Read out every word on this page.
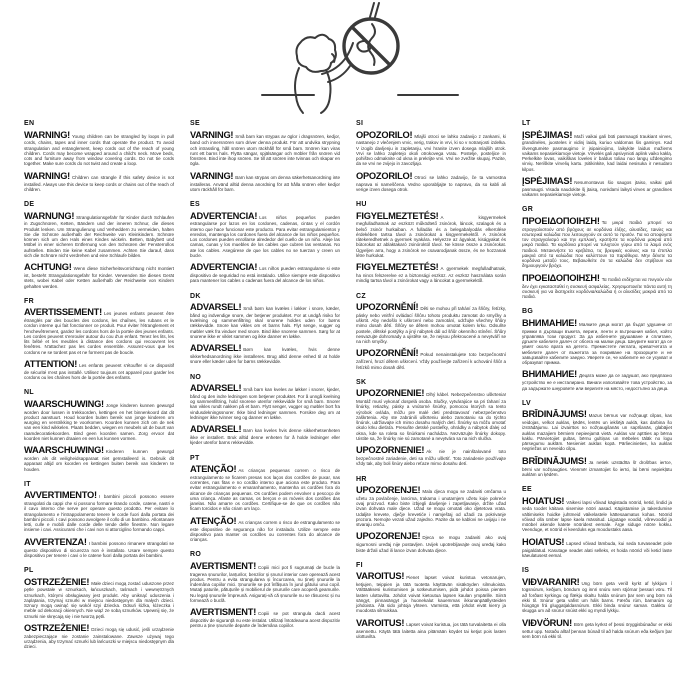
EN

WARNING! Young children can be strangled by loops in pull cords, chains, tapes and inner cords that operate the product. To avoid strangulation and entanglement, keep cords out of the reach of young children. Cords may become wrapped around a child's neck. Move beds, cots and furniture away from window covering cords. Do not tie cords together. Make sure cords do not twist and create a loop.

WARNING! Children can strangle if this safety device is not installed. Always use this device to keep cords or chains out of the reach of children.

DE

WARNUNG! Strangulationsgefahr für Kinder durch Schlaufen in Zugschnüren, Ketten, Bändern und der inneren Schnur, die dieses Produkt lenken. Um Strangulierung und Verheddern zu vermeiden, halten Sie die Schnüre außerhalb der Reichweite von Kleinkindern. Schnüre können sich um den Hals eines Kindes wickeln. Betten, Babybett und Möbel in einer sicheren Entfernung von den Schnüren der Fensterrollos aufstellen. Binden Sie keine Kabel zusammen. Achten Sie darauf, dass sich die Schnüre nicht verdrehen und eine Schlaufe bilden.

ACHTUNG! Wenn diese Sicherheitsvorrichtung nicht montiert ist, besteht Strangulationsgefahr für Kinder. Verwenden Sie dieses Gerät stets, wobei Kabel oder Ketten außerhalb der Reichweite von Kindern gehalten werden.

FR

AVERTISSEMENT! Les jeunes enfants peuvent être étranglés par des boucles des cordons, les chaînes, les rubans et le cordon interne qui fait fonctionner ce produit. Pour éviter l'étranglement et l'enchevêtrement, gardez les cordons hors de la portée des jeunes enfants. Les cordes peuvent s'enrouler autour du cou d'un enfant. Tenez les lits, les lits bébé et les meubles à distance des cordons qui recouvrent les fenêtres. N'attachez pas les cordes ensemble. Assurez-vous que les cordons ne se tordent pas et ne forment pas de boucle.

ATTENTION! Les enfants peuvent s'étouffer si ce dispositif de sécurité n'est pas installé. Utilisez toujours cet appareil pour garder les cordons ou les chaînes hors de la portée des enfants.

NL

WAARSCHUWING! Jonge kinderen kunnen gewurgd worden door lussen in trekkoorden, kettingen en het binnenkoord dat dit product aanstuurt. Houd koorden buiten bereik van jonge kinderen om wurging en verstrikking te voorkomen. Koorden kunnen zich om de nek van een kind wikkelen. Plaats bedden, wiegen en meubels uit de buurt van raamdecoratiekoorden. Bind geen koorden samen. Zorg ervoor dat koorden niet kunnen draaien en een lus kunnen vormen.

WAARSCHUWING! Kinderen kunnen gewurgd worden als dit veiligheidsapparaat niet geïnstalleerd is. Gebruik dit apparaat altijd om koorden en kettingen buiten bereik van kinderen te houden.

IT

AVVERTIMENTO! I bambini piccoli possono essere strangolati da cappi che si possono formare tirando corde, catene, nastri e il cavo interno che serve per operare questo prodotto. Per evitare lo strangolamento e l'intrappolamento tenere le corde fuori dalla portata dei bambini piccoli. I cavi possono avvolgere il collo di un bambino. Allontanare letti, culle e mobili dalle corde delle tende delle finestre. Non legare insieme i cavi. Assicurarsi che i cavi non si attorciglino formando cappi.

AVVERTENZA! I bambini possono rimanere strangolati se questo dispositivo di sicurezza non è installato. Usare sempre questo dispositivo per tenere i cavi o le catene fuori dalla portata dei bambini.

PL

OSTRZEŻENIE! Małe dzieci mogą zostać uduszone przez pętle powstałe w sznurkach, łańcuszkach, taśmach i wewnętrznych sznurkach, którymi obsługiwany jest produkt. Aby uniknąć uduszenia i zaplątania, trzymaj sznurki w miejscu niedostępnym dla małych dzieci. Sznury mogą owinąć się wokół szyi dziecka. Odsuń łóżka, łóżeczka i meble od dekoracji okiennych. Nie wiąż ze sobą sznurków. Upewnij się, że sznurki nie skręcają się i nie tworzą pętli.

OSTRZEŻENIE! Dzieci mogą się udusić, jeśli urządzenie zabezpieczające nie zostanie zainstalowane. Zawsze używaj tego urządzenia, aby trzymać sznurki lub łańcuszki w miejscu niedostępnym dla dzieci.

SE

VARNING! Små barn kan strypas av öglor i dragsnören, kedjor, band och innersnören som driver denna produkt. För att undvika strypning och intrassling, håll snören utom räckhåll för små barn. Snören kan viras runt ett barns hals. Flytta sängar, spjälsängar och möbler från snören vid fönstren. Bind inte ihop snören. Se till att snören inte tvinnas och skapar en ögla.

VARNING! Barn kan strypas om denna säkerhetsanordning inte installeras. Använd alltid denna anordning för att hålla snören eller kedjor utom räckhåll för barn.

ES

ADVERTENCIA! Los niños pequeños pueden estrangularse por lazos en los cordones, cadenas, cintas y el cordón interno que hace funcionar este producto. Para evitar estrangulamientos y enredos, mantenga los cordones fuera del alcance de los niños pequeños. Los cordones pueden enrollarse alrededor del cuello de un niño. Aleje las camas, cunas y los muebles de los cables que cubren las ventanas. No ate los cables. Asegúrese de que los cables no se tuerzan y creen un bucle.

ADVERTENCIA! Los niños pueden estrangularse si este dispositivo de seguridad no está instalado. Utilice siempre este dispositivo para mantener los cables o cadenas fuera del alcance de los niños.

DK

ADVARSEL! Små børn kan kvæles i løkker i snore, kæder, bånd og indvendige snore, der betjener produktet. For at undgå risiko for kvælning og sammenfiltring skal snorene holdes uden for børns rækkevidde. Snore kan vikles om et barns hals. Flyt senge, vugger og møbler væk fra vinduer med snore. Bind ikke snorene sammen. Sørg for at snorene ikke er viklet sammen og ikke danner en løkke.

ADVARSEL! Børn kan kvæles, hvis denne sikkerhedsanordning ikke installeres. Brug altid denne enhed til at holde snore eller kæder uden for børns rækkevidde.

NO

ADVARSEL! Små barn kan kveles av løkker i snorer, kjeder, bånd og den indre ledningen som betjener produktet. For å unngå kvelning og sammenfiltring, hold snorene utenfor rekkevidde for små barn. Snorer kan vikles rundt nakken på et barn. Flytt senger, vugger og møbler bort fra vindusdekningssnorer. Ikke bind ledninger sammen. Forsikre deg om at ledninger ikke tvinner seg og danner en løkke.

ADVARSEL! Barn kan kveles hvis denne sikkerhetsenheten ikke er installert. Bruk alltid denne enheten for å holde ledninger eller kjeder utenfor barns rekkevidde.

PT

ATENÇÃO! As crianças pequenas correm o risco de estrangulamento se ficarem presas nos laços dos cordões de puxar, nas correntes, nas fitas e no cordão interno que aciona este produto. Para evitar estrangulamento e emaranhamento, mantenha os cordões fora do alcance de crianças pequenas. Os cordões podem envolver o pescoço de uma criança. Afaste as camas, os berços e os móveis dos cordões das janelas. Não amarre os cordões. Certifique-se de que os cordões não ficam torcidos e não criam um laço.

ATENÇÃO! As crianças correm o risco de estrangulamento se este dispositivo de segurança não for instalado. Utilize sempre este dispositivo para manter os cordões ou correntes fora do alcance de crianças.

RO

AVERTISMENT! Copiii mici pot fi sugrumați de bucle la tragerea șnururilor, lanțurilor, benzilor și șnurul interior care operează acest produs. Pentru a evita strangularea și încurcarea, nu țineți șnururile la îndemâna copiilor mici. Șnururile se pot înfășura în jurul gâtului unui copil. Mutați paturile, pătuțurile și mobilierul de șnururile care acoperă geamurile. Nu legați șnururile împreună. Asigurați-vă că șnururile nu se răsucesc și nu formează o buclă.

AVERTISMENT! Copiii se pot strangula dacă acest dispozitiv de siguranță nu este instalat. Utilizați întotdeauna acest dispozitiv pentru a ține șnururile departe de îndemâna copiilor.

SI

OPOZORILO! Mlajši otroci se lahko zadavijo z zankami, ki nastanejo z vlečenjem vrvic, verig, trakov in vrvi, ki so v notranjosti izdelka. V izogib davljenju in zapletanju, vrvi hranite izven dosega mlajših otrok. Vrvi se lahko zapletejo okoli otrokovega vratu. Postelje, posteljice in pohištvo odmaknite od okna in prekrijte vrvi. Vrvi ne zvežite skupaj. Pazite, da se vrvi ne zvijejo in zavozljajo.

OPOZORILO! Otroci se lahko zadavijo, če ta varnostna naprava ni nameščena. Vedno uporabljajte to napravo, da so kabli ali verige izven dosega otrok.

HU

FIGYELMEZTETÉS! A kisgyermekek megfulladhatnak az eszközt működtető zsinórok, láncok, szalagok és a belső zsinór hurkaiban. A fulladás és a belegabalyodás elkerülése érdekében tartsa távol a zsinórokat a kisgyermekektől. A zsinórok rátekeredhetnek a gyermek nyakára. Helyezze az ágyakat, kiságyakat és bútorokat az ablaktakaró zsinóroktól távol. Ne kösse össze a zsinórokat. Ügyeljen arra, hogy a zsinórok ne csavarodjanak össze, és ne hozzanak létre hurkokat.

FIGYELMEZTETÉS! A gyermekek megfulladhatnak, ha nincs felszerelve ez a biztonsági eszköz. Az eszköz használata során mindig tartsa távol a zsinórokat vagy a láncokat a gyermekektől.

CZ

UPOZORNĚNÍ! Děti se mohou při tahání za šňůry, řetízky, pásky nebo vnitřní ovládací šňůru tohoto produktu zamotat do smyčky a uškrtit. Aby nedošlo k uškrcení nebo zamotání, udržujte všechny šňůry mimo dosah dětí. Šňůry se dětem mohou omotat kolem krku. Odsuňte postele, dětské postýlky a jiný nábytek dál od šňůr okenního stínění. Šňůry nesvazujte dohromady a ujistěte se, že nejsou překroucené a nevytváří se na nich smyčky.

UPOZORNĚNÍ! Pokud nenainstalujete toto bezpečnostní zařízení, hrozí dětem uškrcení. Vždy používejte zařízení k uchování šňůr a řetízků mimo dosah dětí.

SK

UPOZORNENIE! Dlhý kábel. Nebezpečenstvo uškrtenia! Montáž musí vykonať dospelá osoba. Slučky, vytvárajúce sa pri ťahaní za šnúrky, retiazky, pásky a vnútorné šnúrky, pomocou ktorých sa tento výrobok ovláda, môžu pre malé deti predstavovať nebezpečenstvo zaškrtenia. Aby ste zabránili uškrteniu alebo zamotaniu sa do týchto šnúrok, udržiavajte ich mimo dosahu malých detí. Šnúrky sa môžu omotať okolo krku dieťaťa. Presuňte detské postieľky, ohrádky a nábytok ďalej od okna, kde sa roleta so šnúrkami nachádza. Nezväzujte šnúrky dokopy. Uistite sa, že šnúrky nie sú zamotané a nevytvára sa na nich slučka.

UPOZORNENIE! Ak nie je nainštalované toto bezpečnostné zariadenie, deti sa môžu uškrtiť. Toto zariadenie používajte vždy tak, aby boli šnúry alebo reťaze mimo dosahu detí.

HR

UPOZORENJE! Mala djeca mogu se zadaviti omčama u užetu za povlačenje, lancima, trakama i unutarnjem užetu koje pokreće ovaj proizvod. Kako biste izbjegli davljenje i zapetljavanje, držite užad izvan dohvata male djece. Užad se mogu omotati oko djetetova vrata. Udaljite krevete, dječje krevetiće i namještaj od užadi za pokrivanje prozora. Nemojte vezati užad zajedno. Pazite da se kablovi ne uvijaju i ne stvaraju omču.

UPOZORENJE! Djeca se mogu zadaviti ako ovaj sigurnosni uređaj nije postavljen. Uvijek upotrebljavajte ovaj uređaj kako biste držali užad ili lance izvan dohvata djece.

FI

VAROITUS! Pienet lapset voivat kuristua vetonarujen, ketjujen, teippien ja tätä tuotetta käyttävän sisäköyden silmukoista. Välttääksesi kuristumisen ja sotkeutumisen, pidä johdot poissa pienten lasten ulottuvilta. Johdot voivat kietoutua lapsen kaulan ympärille. Siirrä sängyt, pinnasängyt ja huonekalut kauemmas ikkunanpäällysteiden johdoista. Älä sido johtoja yhteen. Varmista, että johdot eivät kierry ja muodosta silmukkaa.

VAROITUS! Lapset voivat kuristua, jos tätä turvalaitetta ei olla asennettu. Käytä tätä laitetta aina pitämään köydet tai ketjut pois lasten ulottuvilta.

LT

ĮSPĖJIMAS! Maži vaikai gali būti pasmaugti traukiant virves, grandinėles, juosteles ir vidinį laidą, kuriuo valdomas šis gaminys. Kad išvengtumėte pasmaugimo ir įsipainiojimo, laikykite laidus mažiems vaikams nepasiekiamoje vietoje. Virvelės gali apsivynioti aplink vaiko kaklą. Perkelkite lovas, vaikiškas loveles ir baldus toliau nuo langų uždengimo virvių. Neriškite virvelių kartu. Įsitikinkite, kad laidai nesisuka ir nesudaro kilpos.

ĮSPĖJIMAS! Nesumontavus šio saugos įtaiso, vaikai gali pasmaugti. Visada naudokite šį įtaisą, norėdami laikyti virves ar grandines vaikams nepasiekiamoje vietoje.

GR

ΠΡΟΕΙΔΟΠΟΙΗΣΗ! Τα μικρά παιδιά μπορεί να στραγγαλιστούν από βρόχους σε κορδόνια έλξης, αλυσίδες, ταινίες και εσωτερικά καλώδια που λειτουργούν σε αυτό το προϊόν. Για να αποφύγετε τον στραγγαλισμό και την εμπλοκή, κρατήστε τα κορδόνια μακριά από μικρά παιδιά. Τα κορδόνια μπορεί να τυλιχτούν γύρω από το λαιμό ενός παιδιού. Μετακινήστε τα κρεβάτια, τις βρεφικές κούνιες και τα έπιπλα μακριά από τα καλώδια που καλύπτουν τα παράθυρα. Μην δένετε τα κορδόνια μεταξύ τους. Βεβαιωθείτε ότι τα καλώδια δεν στρίβουν και δημιουργούν βρόχο.

ΠΡΟΕΙΔΟΠΟΙΗΣΗ! Τα παιδιά ενδέχεται να πνιγούν εάν δεν έχει εγκατασταθεί η συσκευή ασφαλείας. Χρησιμοποιείτε πάντα αυτή τη συσκευή για να διατηρείτε κορδόνια/καλώδια ή οι αλυσίδες μακριά από τα παιδιά.

BG

ВНИМАНИЕ! Малките деца могат да бъдат удушени от примки в дърпащи въжета, вериги, ленти и вътрешния кабел, който управлява този продукт. За да избегнете удушаване и сплитане, дръжте кабелите далеч от обсега на малки деца. Шнурите могат да се увият около врата на детето. Преместете леглата, креватчетата и мебелите далеч от въжетата за покриване на прозорците и не завързвайте кабелите заедно. Уверете се, че кабелите не се усукват и образуват примка.

ВНИМАНИЕ! Децата може да се задушат, ако предпазно устройство не е инсталирано. Винаги използвайте това устройство, за да задържате шнуровете или веригите на място, недостъпно за деца.

LV

BRĪDINĀJUMS! Mazus bērnus var nožņaugt cilpas, kas veidojas, velkot auklas, ķēdēs, lentēs un iekšējā auklā, kas darbina šo izstrādājumu. Lai izvairītos no nožņaugšanās un sapīšanās, glabājiet auklas mazajiem bērniem nepieejamā vietā. Auklas var aptīties ap bērna kaklu. Pārvietojiet gultas, bērnu gultiņas un mēbeles tālāk no logu pārsegumu auklām. Nesieniet auklas kopā. Pārliecinieties, ka auklas negriežas un neveido cilpu.

BRĪDINĀJUMS! Ja netiek uzstādīta šī drošības ierīce, bērni var nožņaugties. Vienmēr izmantojiet šo ierīci, lai bērni nepiekļūtu auklām un ķēdēm.

EE

HOIATUS! Väikesi lapsi võivad kägistada nöörid, ketid, lindid ja seda toodet käitava sisemise nööri aasad. Kägistamise ja takerdumise vältimiseks hoidke juhtmeid väikelastele kättesaamatus kohas. Nöörid võivad olla ümber lapse kaela mässitud. Liigutage voodid, võrevoodid ja mööbel akende katete nööridest eemale. Ärge siduge nööre kokku. Veenduge, et nöörid ei keerduks ega moodustaks aasa.

HOIATUS! Lapsed võivad lämbuda, kui seda turvaseadet pole paigaldatud. Kasutage seadet alati selleks, et hoida nöörid või ketid laste käeulatusest eemal.

IS

VIÐVARANIR! Ung börn geta verið kyrkt af lykkjum í togsnúrum, keðjum, böndum og innri snúru sem stjórnar þessari vöru. Til að forðast kyrkingu og flækju skaltu halda snúrum þar sem ung börn ná ekki til. Snúrur geta vafist um háls barns. Færðu rúm, barnarúm og húsgögn frá gluggatjaldasnúrum. Ekki binda snúrur saman. Gakktu úr skugga um að snúrur snúist ekki og myndi lykkju.

VIÐVÖRUN! Börn geta kyrkst ef þessi öryggisbúnaður er ekki settur upp. Notaðu alltaf þennan búnað til að halda snúrum eða keðjum þar sem börn ná ekki til.
